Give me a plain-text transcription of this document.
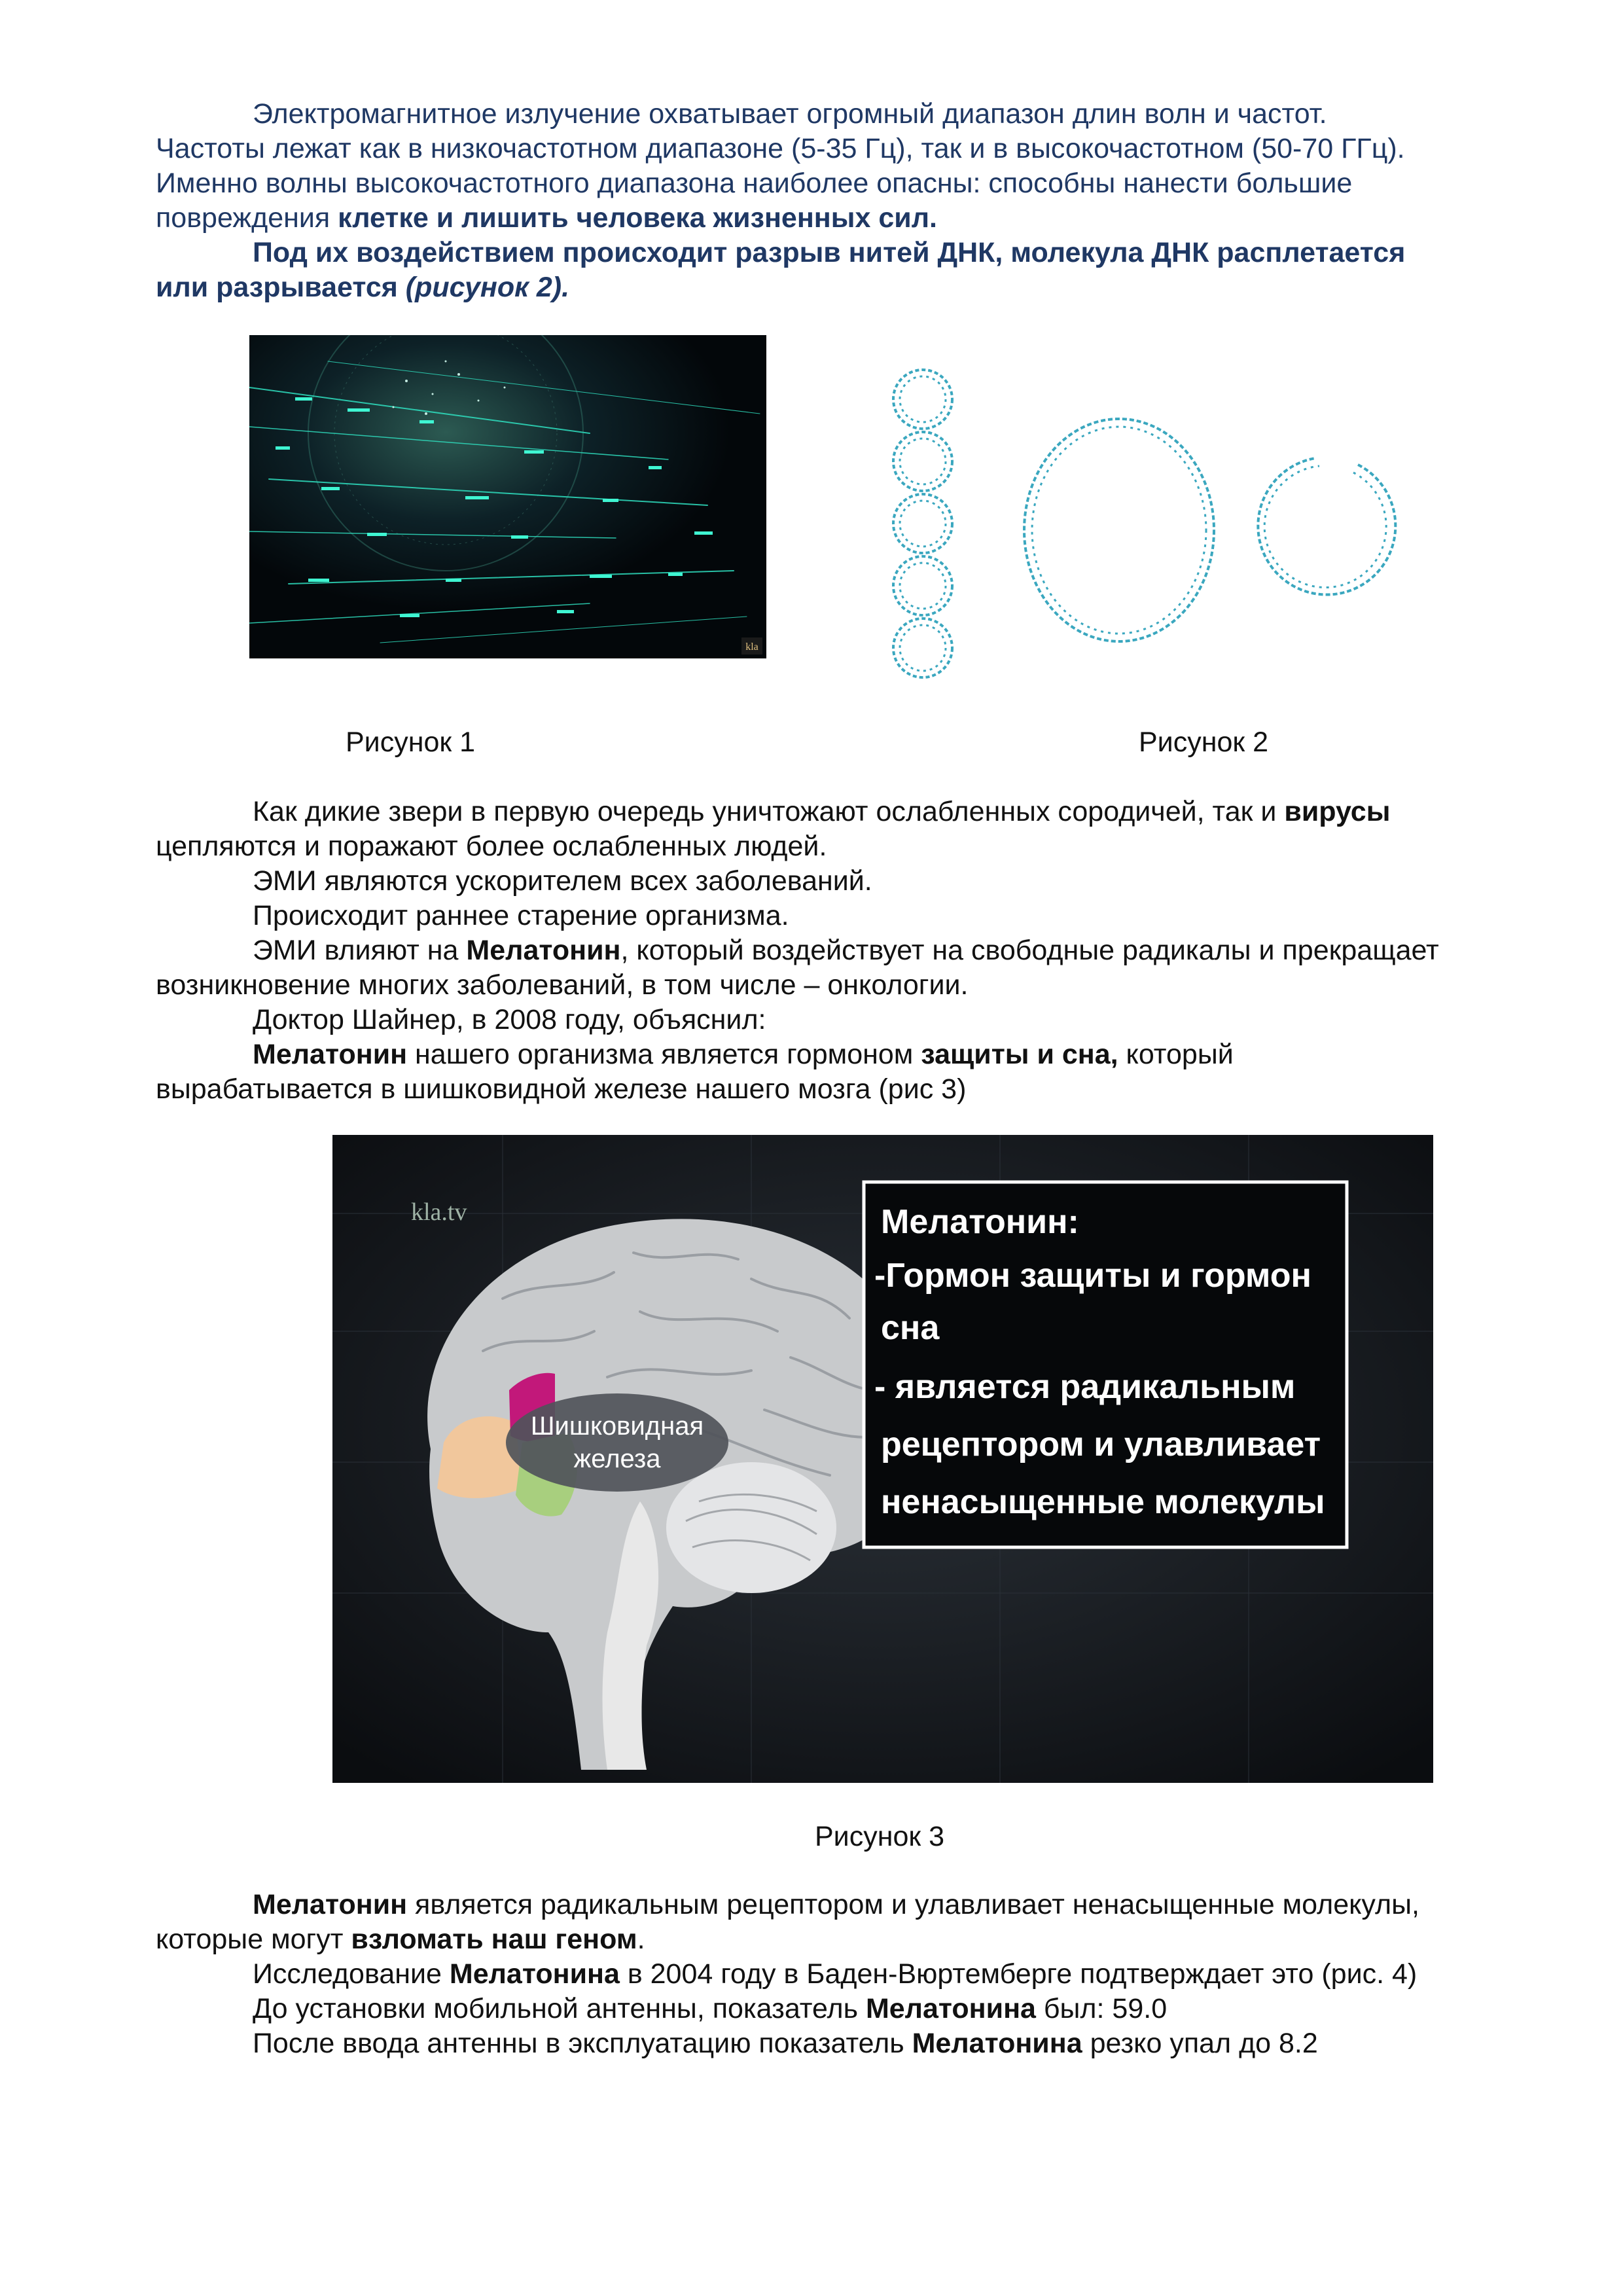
Электромагнитное излучение охватывает огромный диапазон длин волн и частот.
Частоты лежат как в низкочастотном диапазоне (5-35 Гц), так и в высокочастотном (50-70 ГГц).
Именно волны высокочастотного диапазона наиболее опасны: способны нанести большие
повреждения клетке и лишить человека жизненных сил.
Под их воздействием происходит разрыв нитей ДНК, молекула ДНК расплетается
или разрывается (рисунок 2).
kla
Рисунок 1	Рисунок 2
Как дикие звери в первую очередь уничтожают ослабленных сородичей, так и вирусы
цепляются и поражают более ослабленных людей.
ЭМИ являются ускорителем всех заболеваний.
Происходит раннее старение организма.
ЭМИ влияют на Мелатонин, который воздействует на свободные радикалы и прекращает
возникновение многих заболеваний, в том числе – онкологии.
Доктор Шайнер, в 2008 году, объяснил:
Мелатонин нашего организма является гормоном защиты и сна, который
вырабатывается в шишковидной железе нашего мозга (рис 3)
kla.tv
Шишковидная
железа
Мелатонин:
-Гормон защиты и гормон
сна
- является радикальным
рецептором и улавливает
ненасыщенные молекулы
Рисунок 3
Мелатонин является радикальным рецептором и улавливает ненасыщенные молекулы,
которые могут взломать наш геном.
Исследование Мелатонина в 2004 году в Баден-Вюртемберге подтверждает это (рис. 4)
До установки мобильной антенны, показатель Мелатонина был: 59.0
После ввода антенны в эксплуатацию показатель Мелатонина резко упал до 8.2
